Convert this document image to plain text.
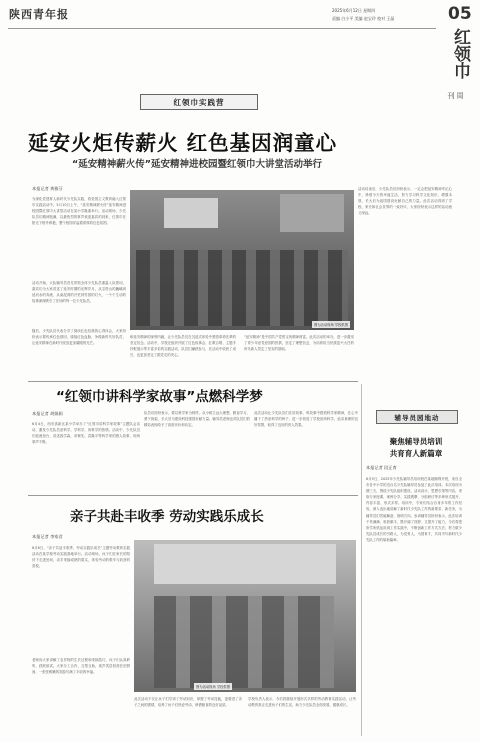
陕西青年报	2025年6月12日 星期四
责编 白小平 美编 赵宝玲 校对 王晶	05
红领巾
周刊
红领巾实践营
延安火炬传薪火 红色基因润童心
“延安精神薪火传”延安精神进校园暨红领巾大讲堂活动举行
本报记者 黄雅芬
为深化党建育人新时代少先队实践，将爱国主义教育融入红领巾实践活动中，5月10日上午，“延安精神薪火传”延安精神进校园暨红领巾大讲堂活动在某小学隆重举行。活动现场，少先队员们精神饱满，以最热烈的掌声欢迎嘉宾的到来，红领巾在阳光下格外鲜艳，整个校园洋溢着浓厚的红色氛围。
活动开始，大队辅导员首先带领全体少先队员重温入队誓词，嘉宾们为大家讲述了延安时期的光辉岁月，从宝塔山的巍峨到延河水的奔流，从南泥湾的开荒到枣园的灯火，一个个生动的故事深深吸引了在场的每一位少先队员。
随后，少先队员代表分享了阅读红色经典的心得体会，大家纷纷表示要传承红色基因，赓续红色血脉，争做新时代好队员，让延安精神在新时代绽放更加耀眼的光芒。
图为活动现场 学校供图
和延安精神的深刻内涵，让少先队员们在沉浸式体验中感悟革命先辈的坚定信念。活动中，学校还组织开展了红色故事会、红歌合唱、主题手抄报展示等丰富多彩的实践活动，队员们踊跃参与，在活动中收获了成长，也更加坚定了跟党走的决心。
“延安精神”是中国共产党的宝贵精神财富。此次活动的举办，进一步激发了青少年爱党爱国的热情，坚定了理想信念，为培养担当民族复兴大任的时代新人奠定了坚实的基础。
活动结束后，少先队员们纷纷表示，一定会把延安精神牢记心中，珍惜今天的幸福生活，努力学习科学文化知识，增强本领，长大后为祖国建设贡献自己的力量。此次活动得到了学校、家长和社会各界的一致好评，大家纷纷表示这样的活动意义深远。
“红领巾讲科学家故事”点燃科学梦
本报记者 胡娟娟
6月4日，西安高新区某小学举办了“红领巾讲科学家故事”主题队会活动，激发少先队员爱科学、学科学、用科学的热情。活动中，少先队员们轮流登台，讲述钱学森、邓稼先、袁隆平等科学家的感人故事，现场掌声不断。
队员们纷纷表示，要以科学家为榜样，从小树立远大理想，勤奋学习、勇于探索，长大后为建设科技强国贡献力量。辅导员老师也对队员们的精彩表现给予了高度评价和肯定。
此次活动让少先队员们在讲故事、听故事中感悟科学家精神，在心中播下了热爱科学的种子，进一步营造了学校崇尚科学、追求真理的良好氛围，取得了良好的育人效果。
亲子共赴丰收季 劳动实践乐成长
本报记者 李家君
6月6日，“亲子共赴丰收季，劳动实践乐成长”主题劳动教育实践活动在某学校劳动实践基地举行。活动现场，孩子们在家长的陪伴下走进田间，亲手采摘成熟的果实，体验劳动的艰辛与收获的喜悦。
老师向大家讲解了农作物的生长过程和采摘技巧，孩子们认真聆听，跃跃欲试。大家分工合作、互帮互助，欢声笑语回荡在田野间，一张张稚嫩的笑脸写满了丰收的幸福。
图为活动现场 学校供图
此次活动不仅让孩子们学到了劳动知识，掌握了劳动技能，更增进了亲子之间的感情，培养了孩子们热爱劳动、珍惜粮食的良好品质。
学校负责人表示，今后将继续开展形式多样的劳动教育实践活动，让劳动教育真正走进孩子们的生活，助力少先队员全面发展、健康成长。
辅导员园地动
聚焦辅导员培训
共育育人新篇章
本报记者 段正育
6月5日，2025年少先队辅导员培训班在某地顺利开班，来自全市各中小学的近百名少先队辅导员参加了此次培训。本次培训为期三天，围绕少先队组织建设、活动设计、思想引领等内容，采取专家授课、案例分享、实践观摩、分组研讨等多种形式展开，内容丰富、形式多样。培训中，专家们结合自身多年的工作经验，深入浅出地讲解了新时代少先队工作的新要求、新任务，为辅导员们答疑解惑，指明方向。参训辅导员纷纷表示，此次培训干货满满、收获颇丰，既开阔了视野，又提升了能力，今后将把所学所悟运用到工作实践中，不断创新工作方式方法，努力做少先队员成长的引路人，为党育人、为国育才，共同书写新时代少先队工作的崭新篇章。
